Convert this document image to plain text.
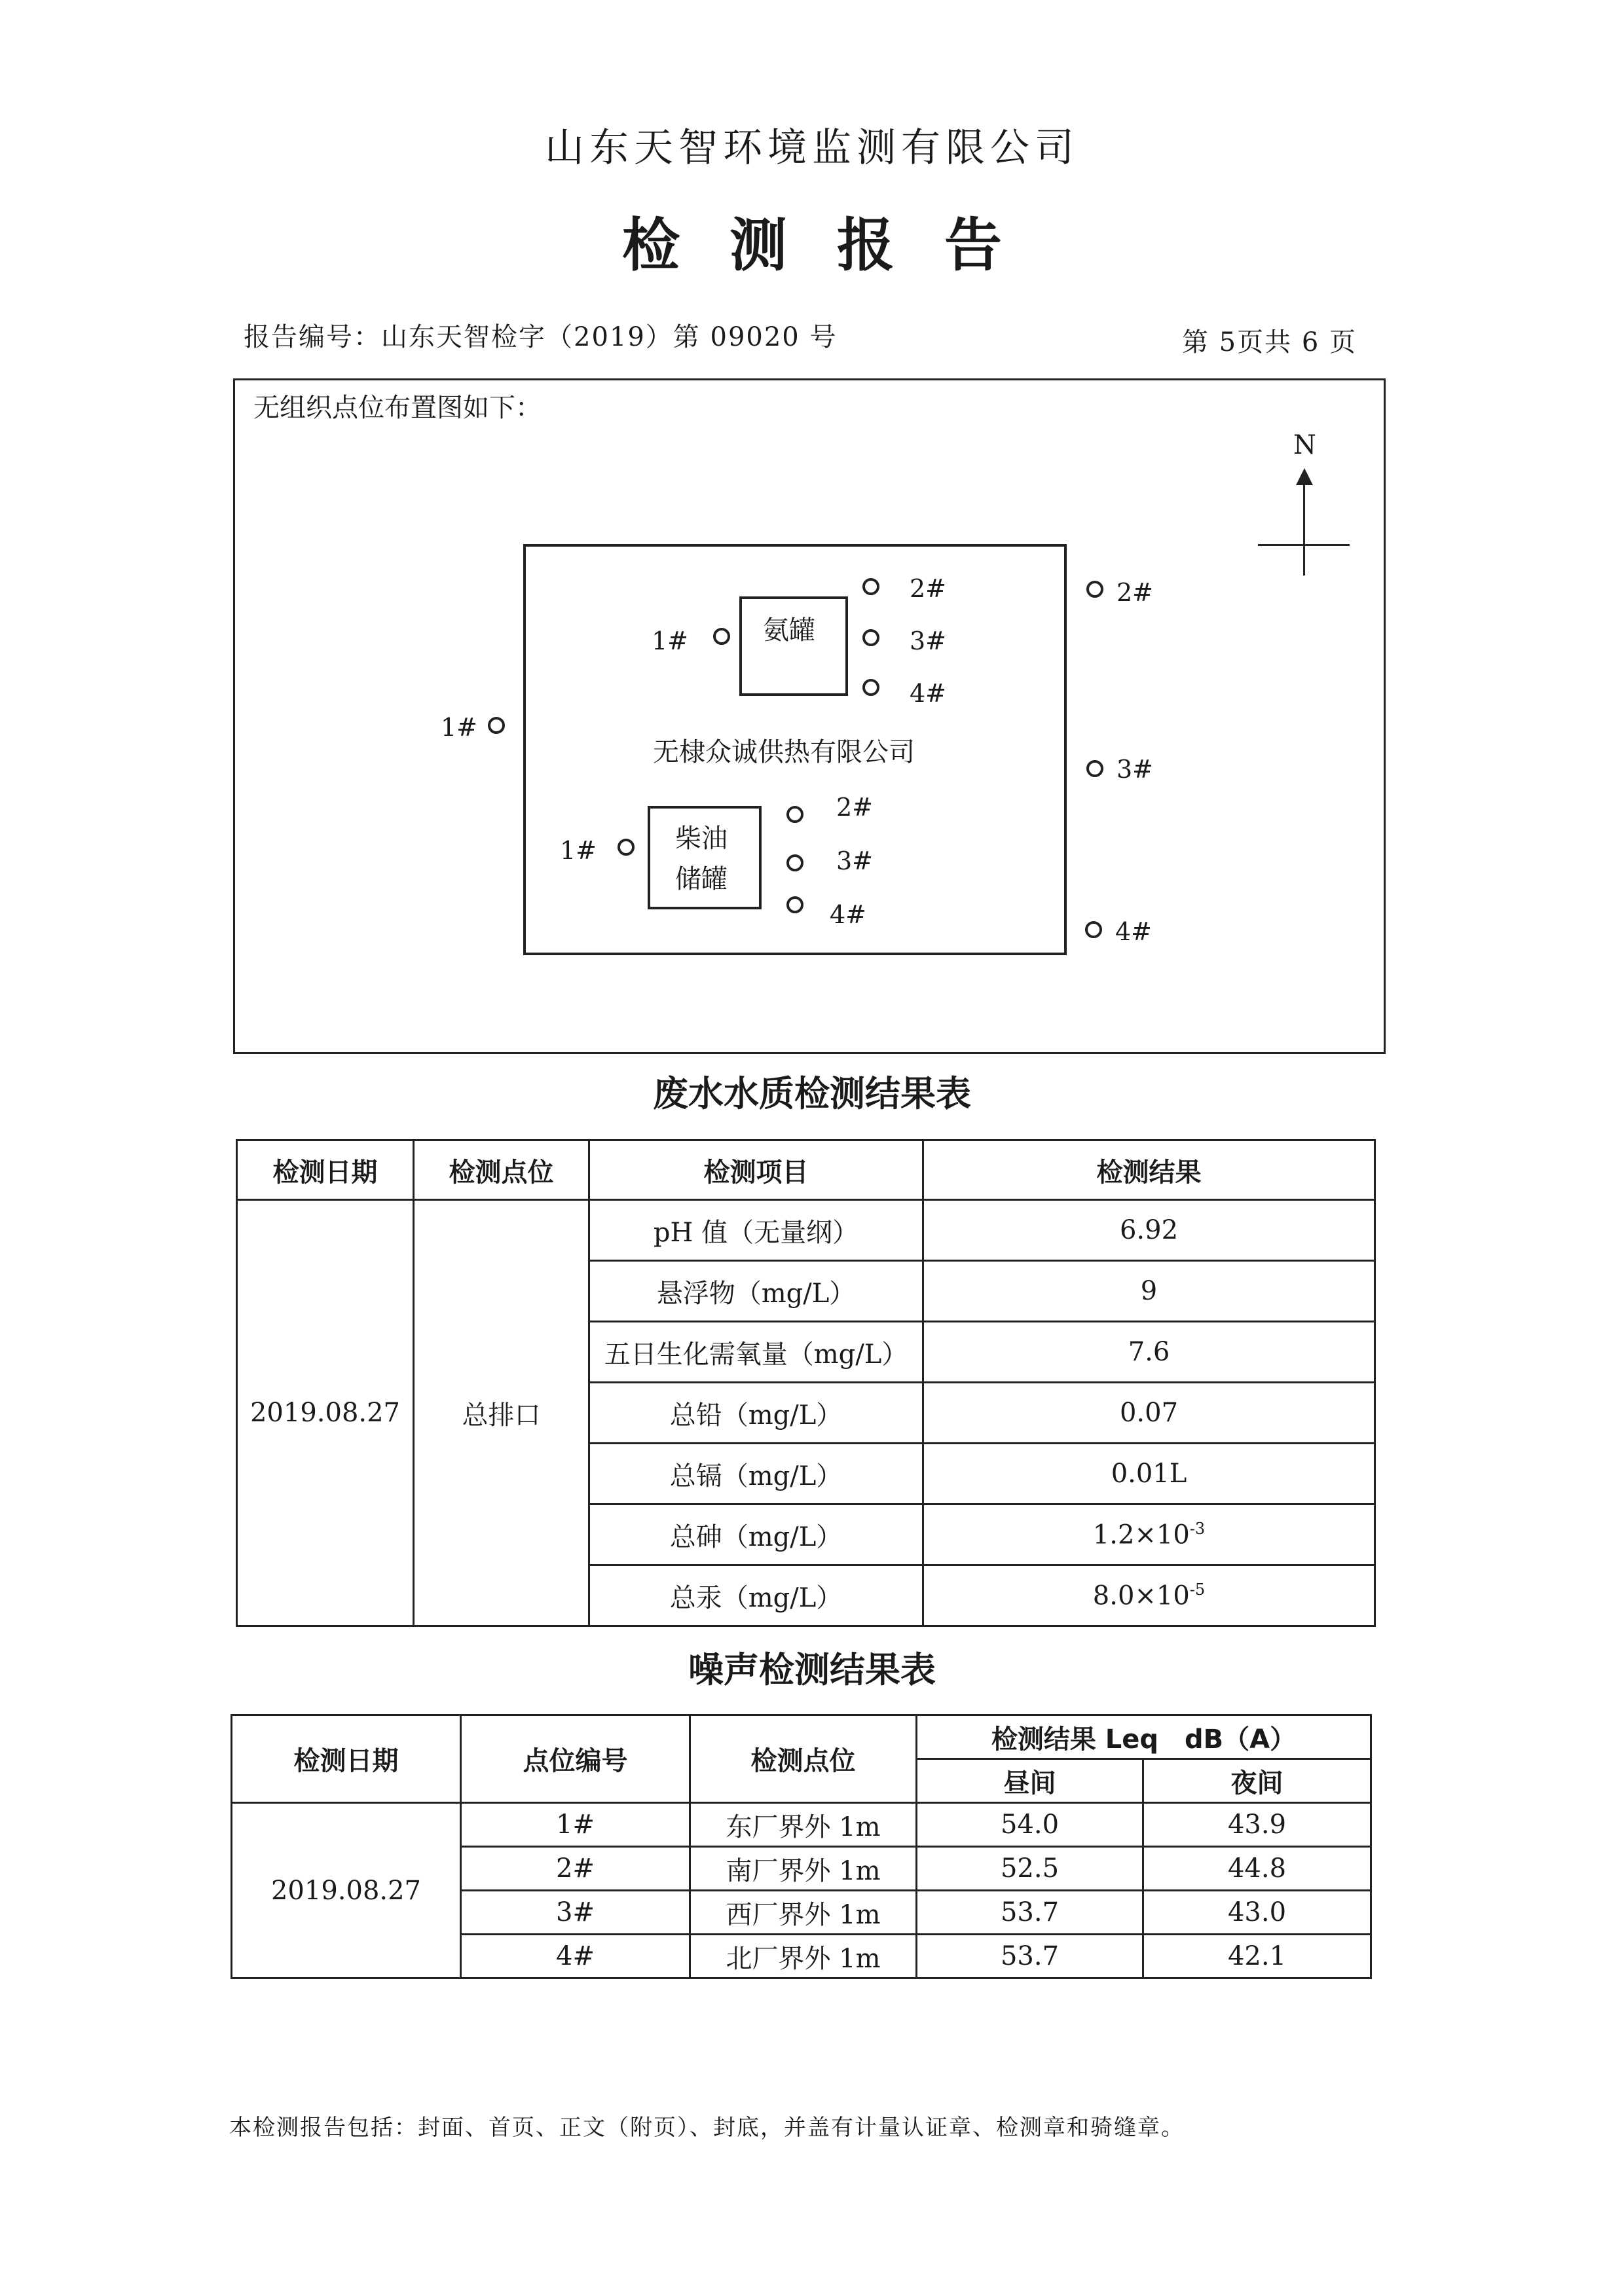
山东天智环境监测有限公司
检测报告
报告编号：山东天智检字（2019）第 09020 号	第 5页共 6 页
无组织点位布置图如下：
N
无棣众诚供热有限公司
氨罐
1#
2#
3#
4#
柴油
储罐
1#
2#
3#
4#
1#
2#
3#
4#
废水水质检测结果表
检测日期	检测点位	检测项目	检测结果
2019.08.27	总排口	pH 值（无量纲）	6.92
		悬浮物（mg/L）	9
		五日生化需氧量（mg/L）	7.6
		总铅（mg/L）	0.07
		总镉（mg/L）	0.01L
		总砷（mg/L）	$1.2\times 10^{-3}$
		总汞（mg/L）	$8.0\times 10^{-5}$
噪声检测结果表
检测日期	点位编号	检测点位	检测结果 Leq　dB（A）	
			昼间	夜间
2019.08.27	1#	东厂界外 1m	54.0	43.9
	2#	南厂界外 1m	52.5	44.8
	3#	西厂界外 1m	53.7	43.0
	4#	北厂界外 1m	53.7	42.1
本检测报告包括：封面、首页、正文（附页）、封底，并盖有计量认证章、检测章和骑缝章。
